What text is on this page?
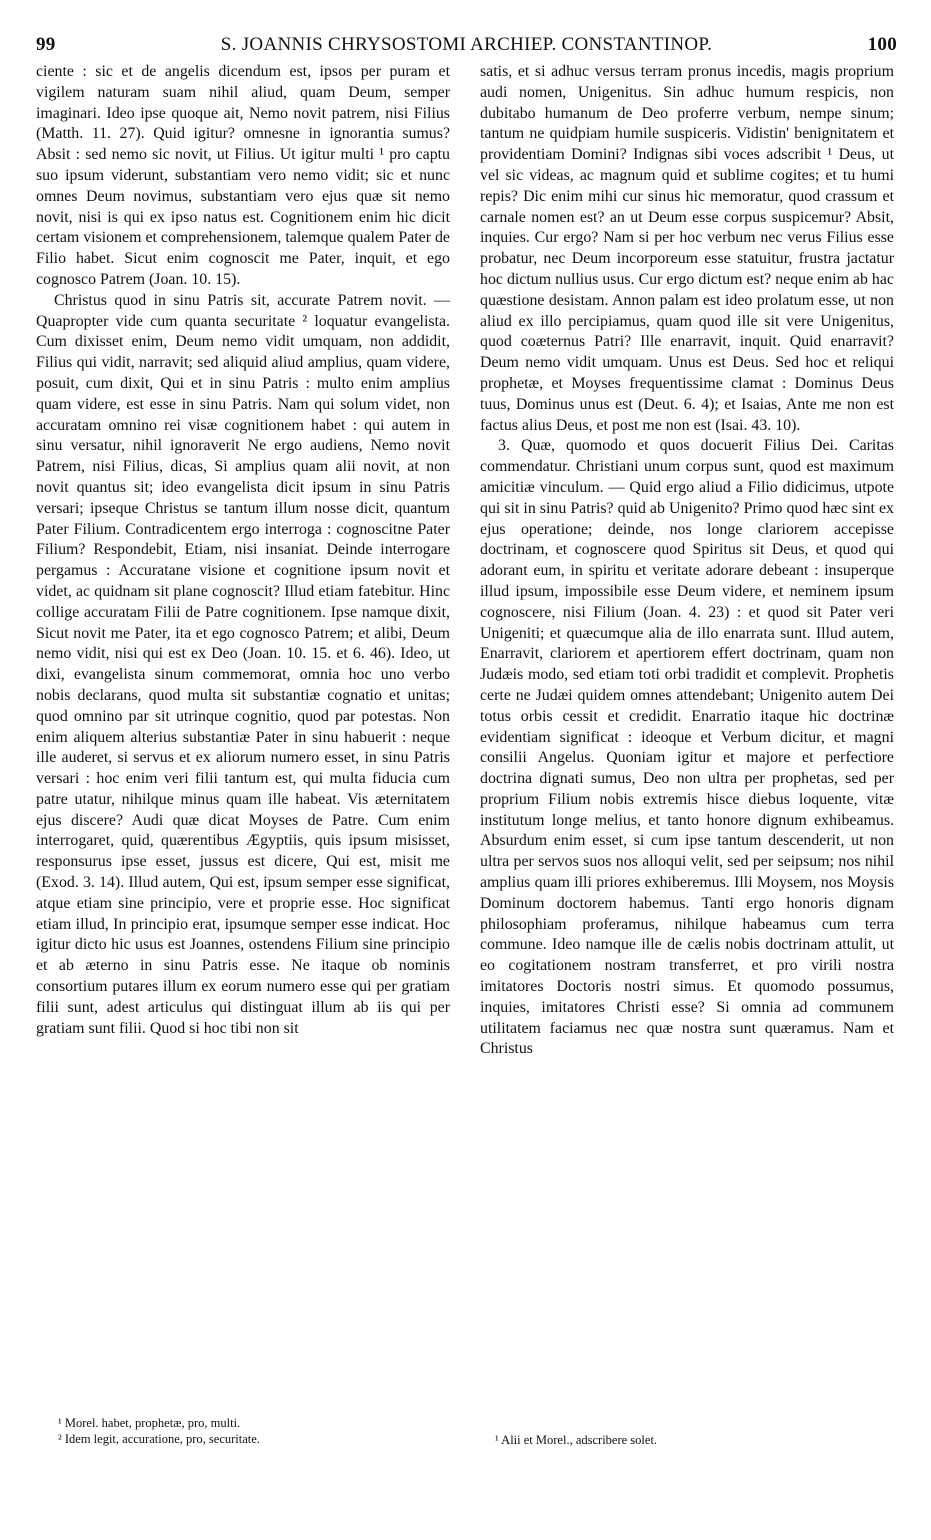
99	S. JOANNIS CHRYSOSTOMI ARCHIEP. CONSTANTINOP.	100

ciente : sic et de angelis dicendum est, ipsos per puram et vigilem naturam suam nihil aliud, quam Deum, semper imaginari. Ideo ipse quoque ait, Nemo novit patrem, nisi Filius (Matth. 11. 27). Quid igitur? omnesne in ignorantia sumus? Absit : sed nemo sic novit, ut Filius. Ut igitur multi ¹ pro captu suo ipsum viderunt, substantiam vero nemo vidit; sic et nunc omnes Deum novimus, substantiam vero ejus quæ sit nemo novit, nisi is qui ex ipso natus est. Cognitionem enim hic dicit certam visionem et comprehensionem, talemque qualem Pater de Filio habet. Sicut enim cognoscit me Pater, inquit, et ego cognosco Patrem (Joan. 10. 15).

Christus quod in sinu Patris sit, accurate Patrem novit. — Quapropter vide cum quanta securitate ² loquatur evangelista. Cum dixisset enim, Deum nemo vidit umquam, non addidit, Filius qui vidit, narravit; sed aliquid aliud amplius, quam videre, posuit, cum dixit, Qui et in sinu Patris : multo enim amplius quam videre, est esse in sinu Patris. Nam qui solum videt, non accuratam omnino rei visæ cognitionem habet : qui autem in sinu versatur, nihil ignoraverit Ne ergo audiens, Nemo novit Patrem, nisi Filius, dicas, Si amplius quam alii novit, at non novit quantus sit; ideo evangelista dicit ipsum in sinu Patris versari; ipseque Christus se tantum illum nosse dicit, quantum Pater Filium. Contradicentem ergo interroga : cognoscitne Pater Filium? Respondebit, Etiam, nisi insaniat. Deinde interrogare pergamus : Accuratane visione et cognitione ipsum novit et videt, ac quidnam sit plane cognoscit? Illud etiam fatebitur. Hinc collige accuratam Filii de Patre cognitionem. Ipse namque dixit, Sicut novit me Pater, ita et ego cognosco Patrem; et alibi, Deum nemo vidit, nisi qui est ex Deo (Joan. 10. 15. et 6. 46). Ideo, ut dixi, evangelista sinum commemorat, omnia hoc uno verbo nobis declarans, quod multa sit substantiæ cognatio et unitas; quod omnino par sit utrinque cognitio, quod par potestas. Non enim aliquem alterius substantiæ Pater in sinu habuerit : neque ille auderet, si servus et ex aliorum numero esset, in sinu Patris versari : hoc enim veri filii tantum est, qui multa fiducia cum patre utatur, nihilque minus quam ille habeat. Vis æternitatem ejus discere? Audi quæ dicat Moyses de Patre. Cum enim interrogaret, quid, quærentibus Ægyptiis, quis ipsum misisset, responsurus ipse esset, jussus est dicere, Qui est, misit me (Exod. 3. 14). Illud autem, Qui est, ipsum semper esse significat, atque etiam sine principio, vere et proprie esse. Hoc significat etiam illud, In principio erat, ipsumque semper esse indicat. Hoc igitur dicto hic usus est Joannes, ostendens Filium sine principio et ab æterno in sinu Patris esse. Ne itaque ob nominis consortium putares illum ex eorum numero esse qui per gratiam filii sunt, adest articulus qui distinguat illum ab iis qui per gratiam sunt filii. Quod si hoc tibi non sit

satis, et si adhuc versus terram pronus incedis, magis proprium audi nomen, Unigenitus. Sin adhuc humum respicis, non dubitabo humanum de Deo proferre verbum, nempe sinum; tantum ne quidpiam humile suspiceris. Vidistin' benignitatem et providentiam Domini? Indignas sibi voces adscribit ¹ Deus, ut vel sic videas, ac magnum quid et sublime cogites; et tu humi repis? Dic enim mihi cur sinus hic memoratur, quod crassum et carnale nomen est? an ut Deum esse corpus suspicemur? Absit, inquies. Cur ergo? Nam si per hoc verbum nec verus Filius esse probatur, nec Deum incorporeum esse statuitur, frustra jactatur hoc dictum nullius usus. Cur ergo dictum est? neque enim ab hac quæstione desistam. Annon palam est ideo prolatum esse, ut non aliud ex illo percipiamus, quam quod ille sit vere Unigenitus, quod coæternus Patri? Ille enarravit, inquit. Quid enarravit? Deum nemo vidit umquam. Unus est Deus. Sed hoc et reliqui prophetæ, et Moyses frequentissime clamat : Dominus Deus tuus, Dominus unus est (Deut. 6. 4); et Isaias, Ante me non est factus alius Deus, et post me non est (Isai. 43. 10).

3. Quæ, quomodo et quos docuerit Filius Dei. Caritas commendatur. Christiani unum corpus sunt, quod est maximum amicitiæ vinculum. — Quid ergo aliud a Filio didicimus, utpote qui sit in sinu Patris? quid ab Unigenito? Primo quod hæc sint ex ejus operatione; deinde, nos longe clariorem accepisse doctrinam, et cognoscere quod Spiritus sit Deus, et quod qui adorant eum, in spiritu et veritate adorare debeant : insuperque illud ipsum, impossibile esse Deum videre, et neminem ipsum cognoscere, nisi Filium (Joan. 4. 23) : et quod sit Pater veri Unigeniti; et quæcumque alia de illo enarrata sunt. Illud autem, Enarravit, clariorem et apertiorem effert doctrinam, quam non Judæis modo, sed etiam toti orbi tradidit et complevit. Prophetis certe ne Judæi quidem omnes attendebant; Unigenito autem Dei totus orbis cessit et credidit. Enarratio itaque hic doctrinæ evidentiam significat : ideoque et Verbum dicitur, et magni consilii Angelus. Quoniam igitur et majore et perfectiore doctrina dignati sumus, Deo non ultra per prophetas, sed per proprium Filium nobis extremis hisce diebus loquente, vitæ institutum longe melius, et tanto honore dignum exhibeamus. Absurdum enim esset, si cum ipse tantum descenderit, ut non ultra per servos suos nos alloqui velit, sed per seipsum; nos nihil amplius quam illi priores exhiberemus. Illi Moysem, nos Moysis Dominum doctorem habemus. Tanti ergo honoris dignam philosophiam proferamus, nihilque habeamus cum terra commune. Ideo namque ille de cælis nobis doctrinam attulit, ut eo cogitationem nostram transferret, et pro virili nostra imitatores Doctoris nostri simus. Et quomodo possumus, inquies, imitatores Christi esse? Si omnia ad communem utilitatem faciamus nec quæ nostra sunt quæramus. Nam et Christus

¹ Morel. habet, prophetæ, pro, multi.

² Idem legit, accuratione, pro, securitate.	¹ Alii et Morel., adscribere solet.
